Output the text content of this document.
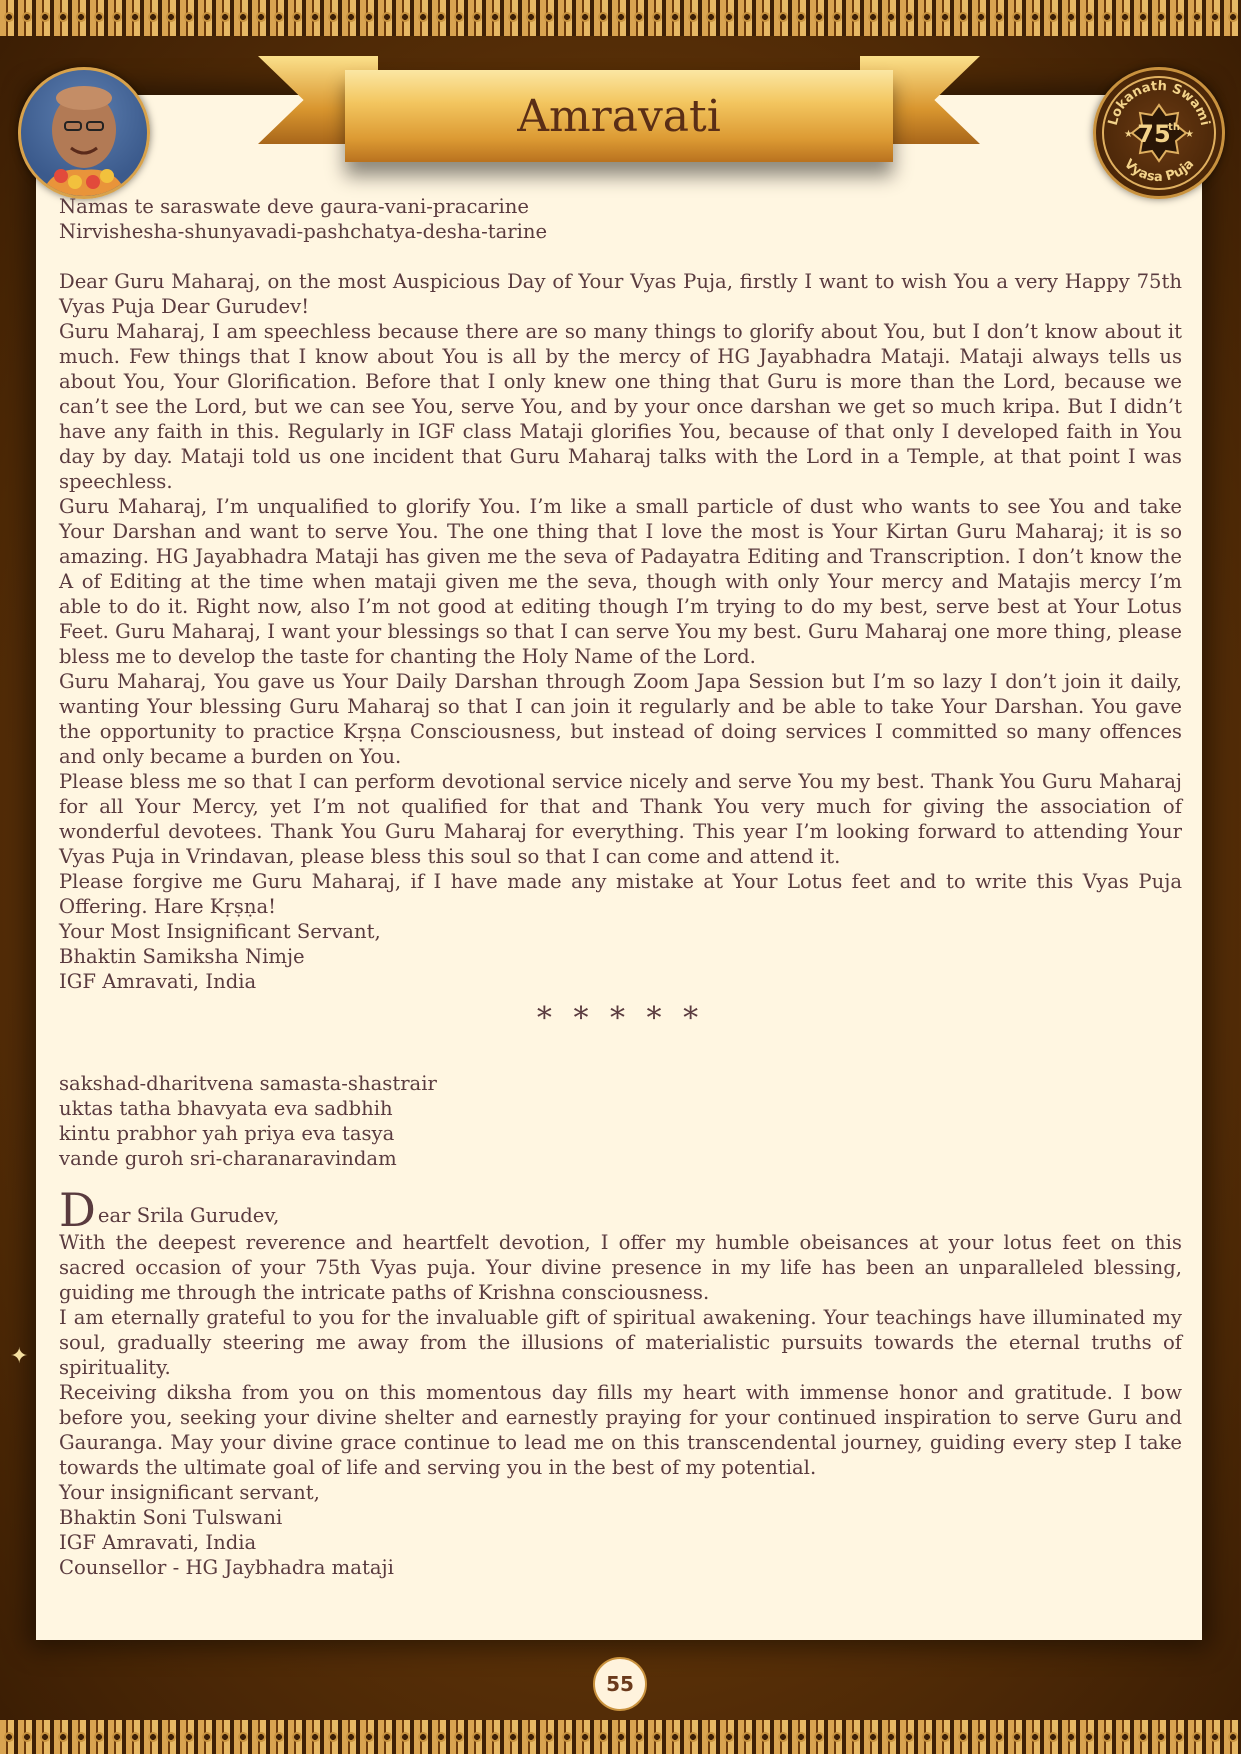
Amravati	Lokanath Swami
Vyasa Puja
75
th
★	★

Namas te saraswate deve gaura-vani-pracarine

Nirvishesha-shunyavadi-pashchatya-desha-tarine

Dear Guru Maharaj, on the most Auspicious Day of Your Vyas Puja, firstly I want to wish You a very Happy 75th Vyas Puja Dear Gurudev!

Guru Maharaj, I am speechless because there are so many things to glorify about You, but I don’t know about it much. Few things that I know about You is all by the mercy of HG Jayabhadra Mataji. Mataji always tells us about You, Your Glorification. Before that I only knew one thing that Guru is more than the Lord, because we can’t see the Lord, but we can see You, serve You, and by your once darshan we get so much kripa. But I didn’t have any faith in this. Regularly in IGF class Mataji glorifies You, because of that only I developed faith in You day by day. Mataji told us one incident that Guru Maharaj talks with the Lord in a Temple, at that point I was speechless.

Guru Maharaj, I’m unqualified to glorify You. I’m like a small particle of dust who wants to see You and take Your Darshan and want to serve You. The one thing that I love the most is Your Kirtan Guru Maharaj; it is so amazing. HG Jayabhadra Mataji has given me the seva of Padayatra Editing and Transcription. I don’t know the A of Editing at the time when mataji given me the seva, though with only Your mercy and Matajis mercy I’m able to do it. Right now, also I’m not good at editing though I’m trying to do my best, serve best at Your Lotus Feet. Guru Maharaj, I want your blessings so that I can serve You my best. Guru Maharaj one more thing, please bless me to develop the taste for chanting the Holy Name of the Lord.

Guru Maharaj, You gave us Your Daily Darshan through Zoom Japa Session but I’m so lazy I don’t join it daily, wanting Your blessing Guru Maharaj so that I can join it regularly and be able to take Your Darshan. You gave the opportunity to practice Kṛṣṇa Consciousness, but instead of doing services I committed so many offences and only became a burden on You.

Please bless me so that I can perform devotional service nicely and serve You my best. Thank You Guru Maharaj for all Your Mercy, yet I’m not qualified for that and Thank You very much for giving the association of wonderful devotees. Thank You Guru Maharaj for everything. This year I’m looking forward to attending Your Vyas Puja in Vrindavan, please bless this soul so that I can come and attend it.

Please forgive me Guru Maharaj, if I have made any mistake at Your Lotus feet and to write this Vyas Puja Offering. Hare Kṛṣṇa!

Your Most Insignificant Servant,

Bhaktin Samiksha Nimje

IGF Amravati, India

* * * * *

sakshad-dharitvena samasta-shastrair

uktas tatha bhavyata eva sadbhih

kintu prabhor yah priya eva tasya

vande guroh sri-charanaravindam

D ear Srila Gurudev,

With the deepest reverence and heartfelt devotion, I offer my humble obeisances at your lotus feet on this sacred occasion of your 75th Vyas puja. Your divine presence in my life has been an unparalleled blessing, guiding me through the intricate paths of Krishna consciousness.

I am eternally grateful to you for the invaluable gift of spiritual awakening. Your teachings have illuminated my soul, gradually steering me away from the illusions of materialistic pursuits towards the eternal truths of spirituality.

Receiving diksha from you on this momentous day fills my heart with immense honor and gratitude. I bow before you, seeking your divine shelter and earnestly praying for your continued inspiration to serve Guru and Gauranga. May your divine grace continue to lead me on this transcendental journey, guiding every step I take towards the ultimate goal of life and serving you in the best of my potential.

Your insignificant servant,

Bhaktin Soni Tulswani

IGF Amravati, India

Counsellor - HG Jaybhadra mataji

✦
55
